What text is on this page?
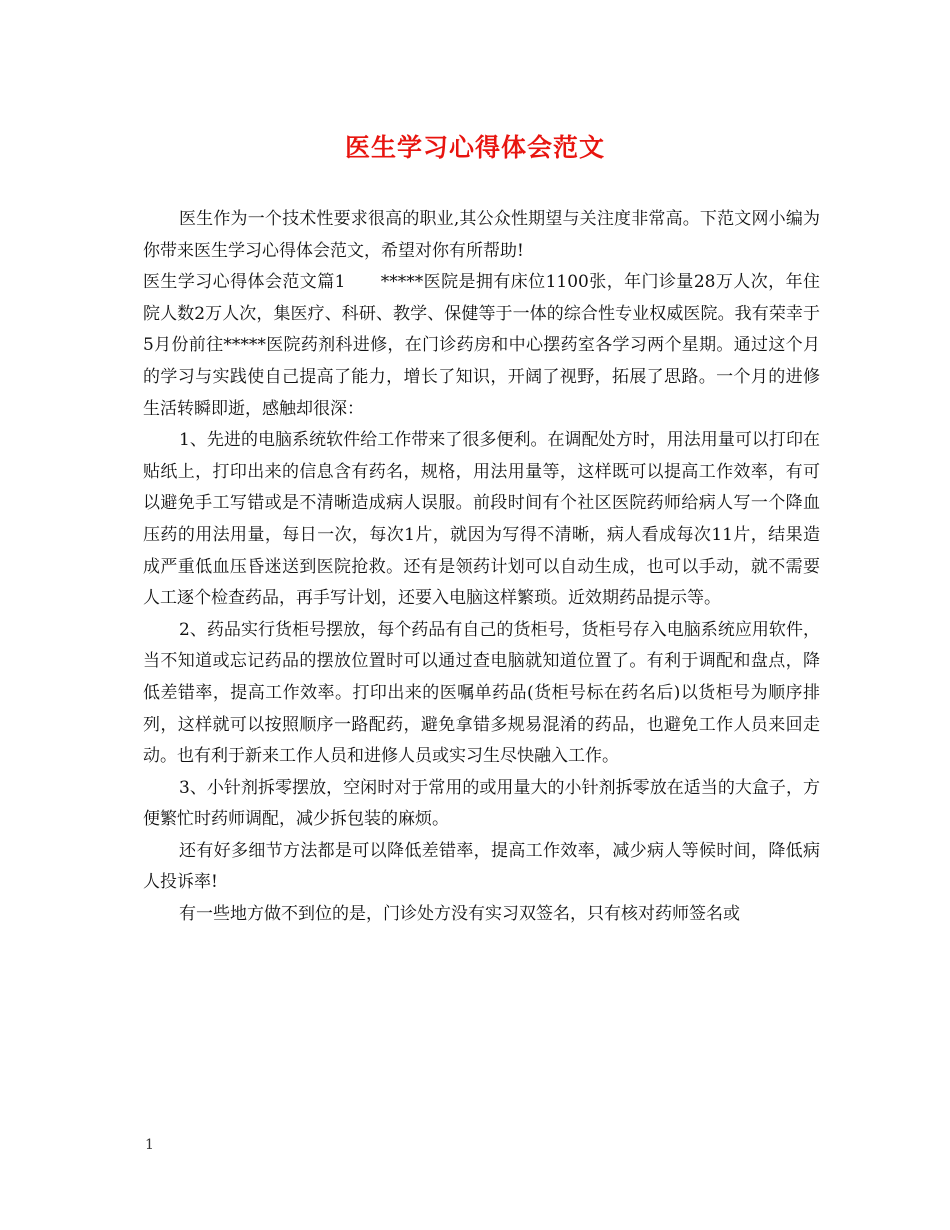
医生学习心得体会范文

医生作为一个技术性要求很高的职业,其公众性期望与关注度非常高。下范文网小编为你带来医生学习心得体会范文，希望对你有所帮助!

医生学习心得体会范文篇1　　*****医院是拥有床位1100张，年门诊量28万人次，年住院人数2万人次，集医疗、科研、教学、保健等于一体的综合性专业权威医院。我有荣幸于5月份前往*****医院药剂科进修，在门诊药房和中心摆药室各学习两个星期。通过这个月的学习与实践使自己提高了能力，增长了知识，开阔了视野，拓展了思路。一个月的进修生活转瞬即逝，感触却很深：

1、先进的电脑系统软件给工作带来了很多便利。在调配处方时，用法用量可以打印在贴纸上，打印出来的信息含有药名，规格，用法用量等，这样既可以提高工作效率，有可以避免手工写错或是不清晰造成病人误服。前段时间有个社区医院药师给病人写一个降血压药的用法用量，每日一次，每次1片，就因为写得不清晰，病人看成每次11片，结果造成严重低血压昏迷送到医院抢救。还有是领药计划可以自动生成，也可以手动，就不需要人工逐个检查药品，再手写计划，还要入电脑这样繁琐。近效期药品提示等。

2、药品实行货柜号摆放，每个药品有自己的货柜号，货柜号存入电脑系统应用软件，当不知道或忘记药品的摆放位置时可以通过查电脑就知道位置了。有利于调配和盘点，降低差错率，提高工作效率。打印出来的医嘱单药品(货柜号标在药名后)以货柜号为顺序排列，这样就可以按照顺序一路配药，避免拿错多规易混淆的药品，也避免工作人员来回走动。也有利于新来工作人员和进修人员或实习生尽快融入工作。

3、小针剂拆零摆放，空闲时对于常用的或用量大的小针剂拆零放在适当的大盒子，方便繁忙时药师调配，减少拆包装的麻烦。

还有好多细节方法都是可以降低差错率，提高工作效率，减少病人等候时间，降低病人投诉率!

有一些地方做不到位的是，门诊处方没有实习双签名，只有核对药师签名或

1
